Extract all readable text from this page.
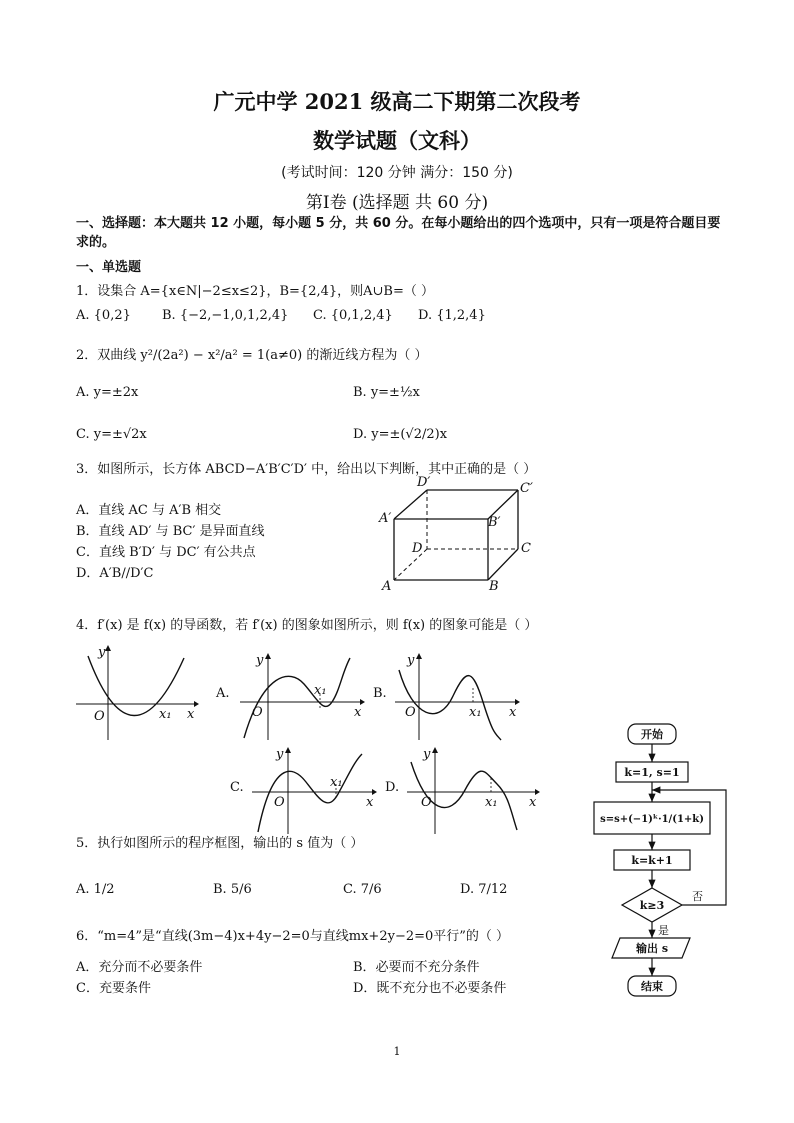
广元中学 2021 级高二下期第二次段考
数学试题（文科）
(考试时间：120 分钟 满分：150 分)
第Ⅰ卷 (选择题 共 60 分)
一、选择题：本大题共 12 小题，每小题 5 分，共 60 分。在每小题给出的四个选项中，只有一项是符合题目要求的。
一、单选题
1．设集合 A={x∈N|−2≤x≤2}，B={2,4}，则A∪B=（ ）
A. {0,2} B. {−2,−1,0,1,2,4} C. {0,1,2,4} D. {1,2,4}
2．双曲线 y²/(2a²) − x²/a² = 1(a≠0) 的渐近线方程为（ ）
A. y=±2x	B. y=±½x
C. y=±√2x	D. y=±(√2/2)x
3．如图所示，长方体 ABCD−A′B′C′D′ 中，给出以下判断，其中正确的是（ ）
A．直线 AC 与 A′B 相交
B．直线 AD′ 与 BC′ 是异面直线
C．直线 B′D′ 与 DC′ 有公共点
D．A′B//D′C
D′	C′
A′	B′
D	C
A	B
4．f′(x) 是 f(x) 的导函数，若 f′(x) 的图象如图所示，则 f(x) 的图象可能是（ ）
y
x
O	x₁
A.
y
x
O
x₁	B.
y
x
O	x₁
C.
y
x
O
x₁	D.
y
x
O	x₁
5．执行如图所示的程序框图，输出的 s 值为（ ）
A. 1/2	B. 5/6	C. 7/6	D. 7/12
6．“m=4”是“直线(3m−4)x+4y−2=0与直线mx+2y−2=0平行”的（ ）
A．充分而不必要条件	B．必要而不充分条件
C．充要条件	D．既不充分也不必要条件
开始
k=1, s=1
s=s+(−1)ᵏ·1/(1+k)
k=k+1
k≥3
输出 s
结束
是
否
1
